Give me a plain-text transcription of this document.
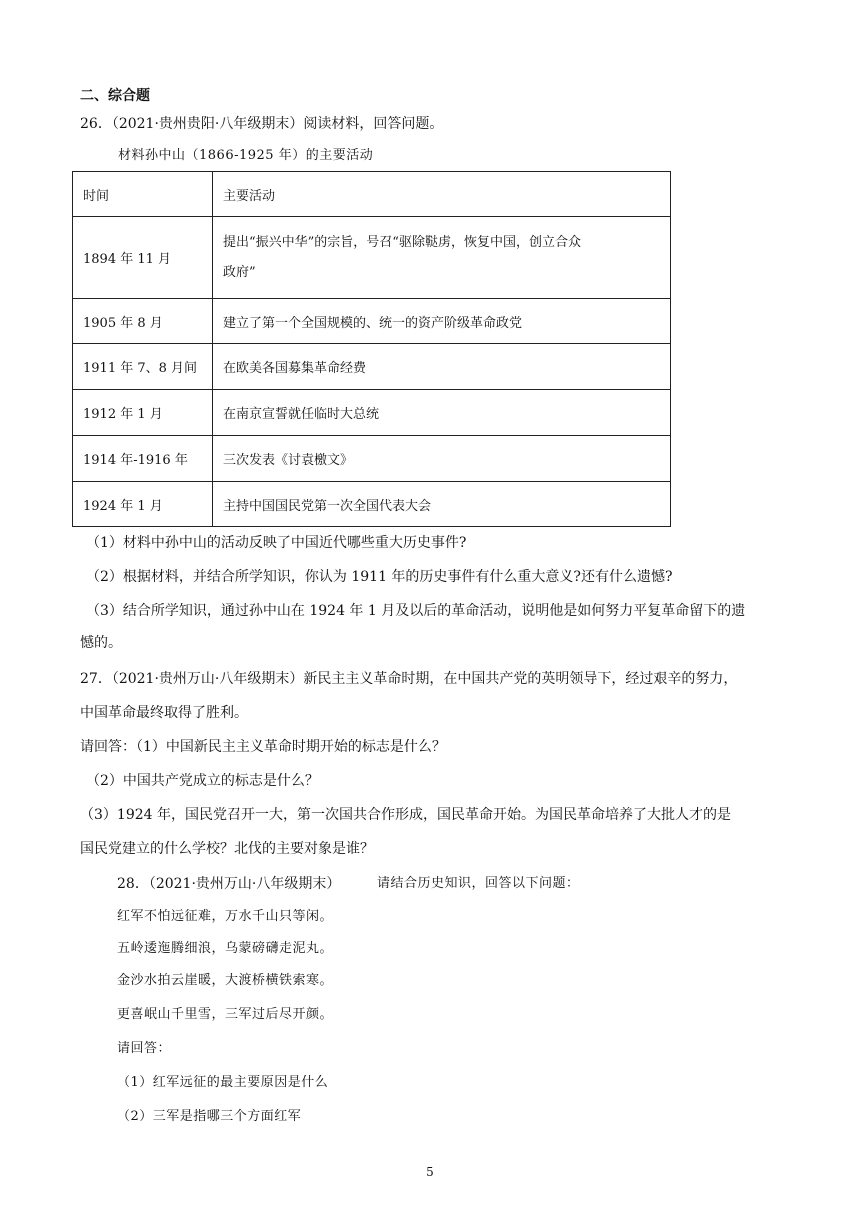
二、综合题
26．（2021·贵州贵阳·八年级期末）阅读材料，回答问题。
材料孙中山（1866-1925 年）的主要活动
时间	主要活动
1894 年 11 月	提出“振兴中华”的宗旨，号召“驱除鞑虏，恢复中国，创立合众
政府”

1905 年 8 月	建立了第一个全国规模的、统一的资产阶级革命政党
1911 年 7、8 月间	在欧美各国募集革命经费
1912 年 1 月	在南京宣誓就任临时大总统
1914 年-1916 年	三次发表《讨袁檄文》
1924 年 1 月	主持中国国民党第一次全国代表大会
（1）材料中孙中山的活动反映了中国近代哪些重大历史事件?
（2）根据材料，并结合所学知识，你认为 1911 年的历史事件有什么重大意义?还有什么遗憾?
（3）结合所学知识，通过孙中山在 1924 年 1 月及以后的革命活动，说明他是如何努力平复革命留下的遗
憾的。
27．（2021·贵州万山·八年级期末）新民主主义革命时期，在中国共产党的英明领导下，经过艰辛的努力，
中国革命最终取得了胜利。
请回答：（1）中国新民主主义革命时期开始的标志是什么？
（2）中国共产党成立的标志是什么？
（3）1924 年，国民党召开一大，第一次国共合作形成，国民革命开始。为国民革命培养了大批人才的是
国民党建立的什么学校？北伐的主要对象是谁？
28．（2021·贵州万山·八年级期末）	请结合历史知识，回答以下问题：
红军不怕远征难，万水千山只等闲。
五岭逶迤腾细浪，乌蒙磅礴走泥丸。
金沙水拍云崖暖，大渡桥横铁索寒。
更喜岷山千里雪，三军过后尽开颜。
请回答：
（1）红军远征的最主要原因是什么
（2）三军是指哪三个方面红军
5
